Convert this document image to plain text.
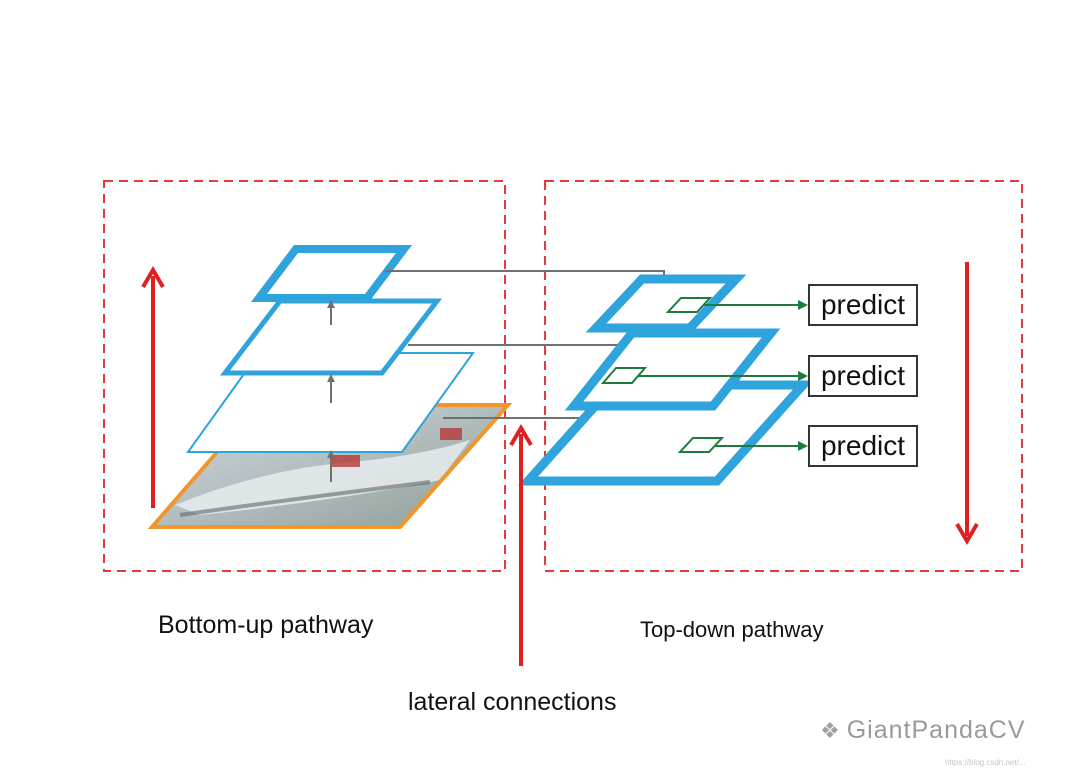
predict
predict
predict
Bottom-up pathway	Top-down pathway
lateral connections
❖ GiantPandaCV
https://blog.csdn.net/...
